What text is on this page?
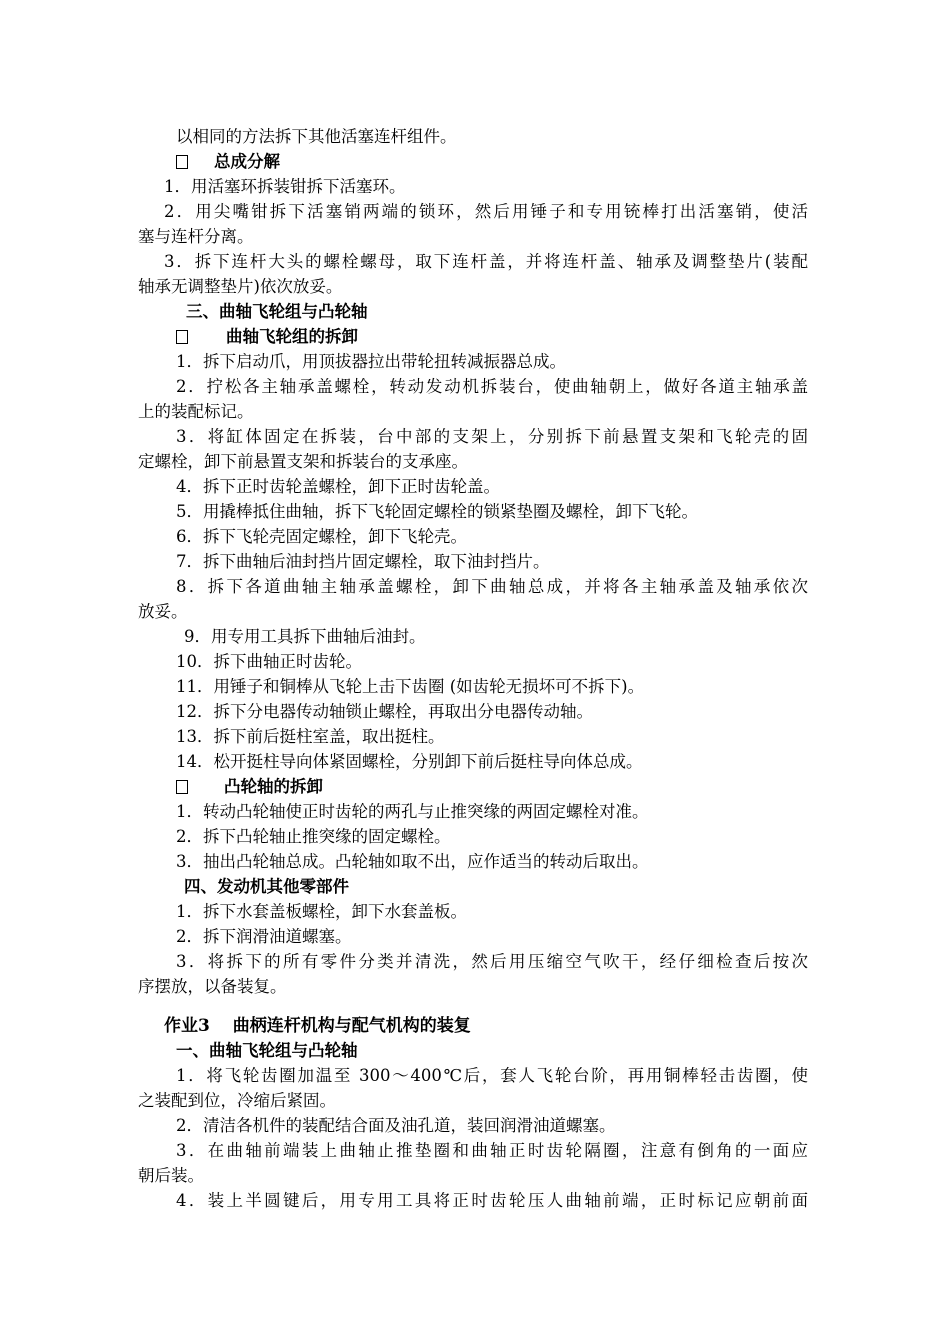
以相同的方法拆下其他活塞连杆组件。
总成分解
1．用活塞环拆装钳拆下活塞环。
2．用尖嘴钳拆下活塞销两端的锁环，然后用锤子和专用铳棒打出活塞销，使活
塞与连杆分离。
3．拆下连杆大头的螺栓螺母，取下连杆盖，并将连杆盖、轴承及调整垫片(装配
轴承无调整垫片)依次放妥。
三、曲轴飞轮组与凸轮轴
曲轴飞轮组的拆卸
1．拆下启动爪，用顶拔器拉出带轮扭转减振器总成。
2．拧松各主轴承盖螺栓，转动发动机拆装台，使曲轴朝上，做好各道主轴承盖
上的装配标记。
3．将缸体固定在拆装，台中部的支架上，分别拆下前悬置支架和飞轮壳的固
定螺栓，卸下前悬置支架和拆装台的支承座。
4．拆下正时齿轮盖螺栓，卸下正时齿轮盖。
5．用撬棒抵住曲轴，拆下飞轮固定螺栓的锁紧垫圈及螺栓，卸下飞轮。
6．拆下飞轮壳固定螺栓，卸下飞轮壳。
7．拆下曲轴后油封挡片固定螺栓，取下油封挡片。
8．拆下各道曲轴主轴承盖螺栓，卸下曲轴总成，并将各主轴承盖及轴承依次
放妥。
9．用专用工具拆下曲轴后油封。
10．拆下曲轴正时齿轮。
11．用锤子和铜棒从飞轮上击下齿圈 (如齿轮无损坏可不拆下)。
12．拆下分电器传动轴锁止螺栓，再取出分电器传动轴。
13．拆下前后挺柱室盖，取出挺柱。
14．松开挺柱导向体紧固螺栓，分别卸下前后挺柱导向体总成。
凸轮轴的拆卸
1．转动凸轮轴使正时齿轮的两孔与止推突缘的两固定螺栓对准。
2．拆下凸轮轴止推突缘的固定螺栓。
3．抽出凸轮轴总成。凸轮轴如取不出，应作适当的转动后取出。
四、发动机其他零部件
1．拆下水套盖板螺栓，卸下水套盖板。
2．拆下润滑油道螺塞。
3．将拆下的所有零件分类并清洗，然后用压缩空气吹干，经仔细检查后按次
序摆放，以备装复。
作业3　 曲柄连杆机构与配气机构的装复
一、曲轴飞轮组与凸轮轴
1．将飞轮齿圈加温至 300～400℃后，套人飞轮台阶，再用铜棒轻击齿圈，使
之装配到位，冷缩后紧固。
2．清洁各机件的装配结合面及油孔道，装回润滑油道螺塞。
3．在曲轴前端装上曲轴止推垫圈和曲轴正时齿轮隔圈，注意有倒角的一面应
朝后装。
4．装上半圆键后，用专用工具将正时齿轮压人曲轴前端，正时标记应朝前面
